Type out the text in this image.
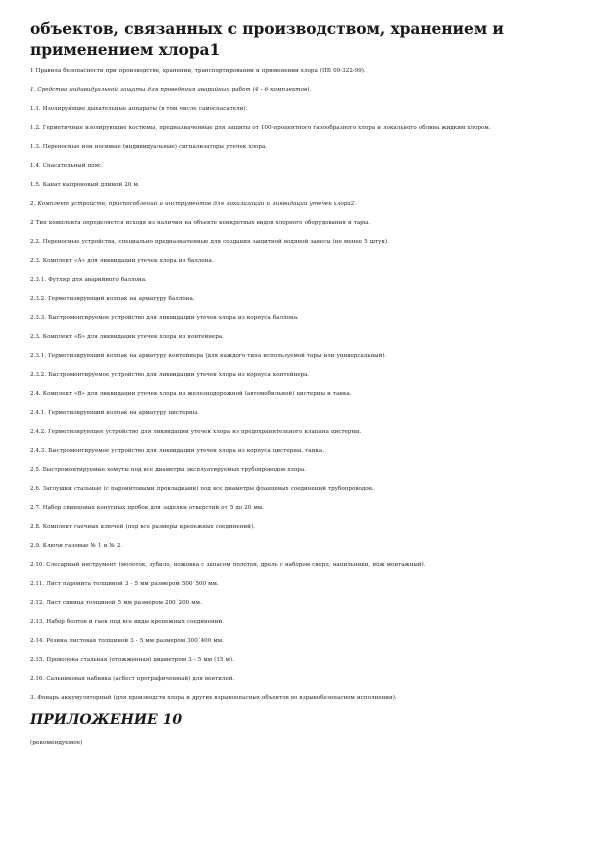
объектов, связанных с производством, хранением и применением хлора1

1 Правила безопасности при производстве, хранении, транспортировании и применении хлора (ПБ 09-322-99).

1. Средства индивидуальной защиты для проведения аварийных работ (4 - 6 комплектов).

1.1. Изолирующие дыхательные аппараты (в том числе самоспасатели).

1.2. Герметичные изолирующие костюмы, предназначенные для защиты от 100-процентного газообразного хлора и локального облива жидким хлором.

1.3. Переносные или носимые (индивидуальные) сигнализаторы утечек хлора.

1.4. Спасательный пояс.

1.5. Канат капроновый длиной 20 м.

2. Комплект устройств, приспособлений и инструментов для локализации и ликвидации утечек хлора2.

2 Тип комплекта определяется исходя из наличия на объекте конкретных видов хлорного оборудования и тары.

2.2. Переносные устройства, специально предназначенные для создания защитной водяной завесы (не менее 5 штук).

2.3. Комплект «А» для ликвидации утечек хлора из баллона.

2.3.1. Футляр для аварийного баллона.

2.3.2. Герметизирующий колпак на арматуру баллона.

2.3.3. Быстромонтируемое устройство для ликвидации утечек хлора из корпуса баллона.

2.3. Комплект «Б» для ликвидации утечек хлора из контейнера.

2.3.1. Герметизирующий колпак на арматуру контейнера (для каждого типа используемой тары или универсальный).

2.3.2. Быстромонтируемое устройство для ликвидации утечек хлора из корпуса контейнера.

2.4. Комплект «В» для ликвидации утечек хлора из железнодорожной (автомобильной) цистерны и танка.

2.4.1. Герметизирующий колпак на арматуру цистерны.

2.4.2. Герметизирующее устройство для ликвидации утечек хлора из предохранительного клапана цистерны.

2.4.3. Быстромонтируемое устройство для ликвидации утечек хлора из корпуса цистерны, танка.

2.5. Быстромонтируемые хомуты под все диаметры эксплуатируемых трубопроводов хлора.

2.6. Заглушки стальные (с паронитовыми прокладками) под все диаметры фланцевых соединений трубопроводов.

2.7. Набор свинцовых конусных пробок для заделки отверстий от 5 до 20 мм.

2.8. Комплект гаечных ключей (под все размеры крепежных соединений).

2.9. Ключи газовые № 1 и № 2.

2.10. Слесарный инструмент (молоток, зубило, ножовка с запасом полотен, дрель с набором сверл, напильники, нож монтажный).

2.11. Лист паронита толщиной 3 - 5 мм размером 500´500 мм.

2.12. Лист свинца толщиной 5 мм размером 200´200 мм.

2.13. Набор болтов и гаек под все виды крепежных соединений.

2.14. Резина листовая толщиной 3 - 5 мм размером 300´400 мм.

2.15. Проволока стальная (отожженная) диаметром 3 - 5 мм (15 м).

2.16. Сальниковая набивка (асбест прографиченный) для вентилей.

3. Фонарь аккумуляторный (для производств хлора и других взрывоопасных объектов во взрывобезопасном исполнении).

ПРИЛОЖЕНИЕ 10
(рекомендуемое)
